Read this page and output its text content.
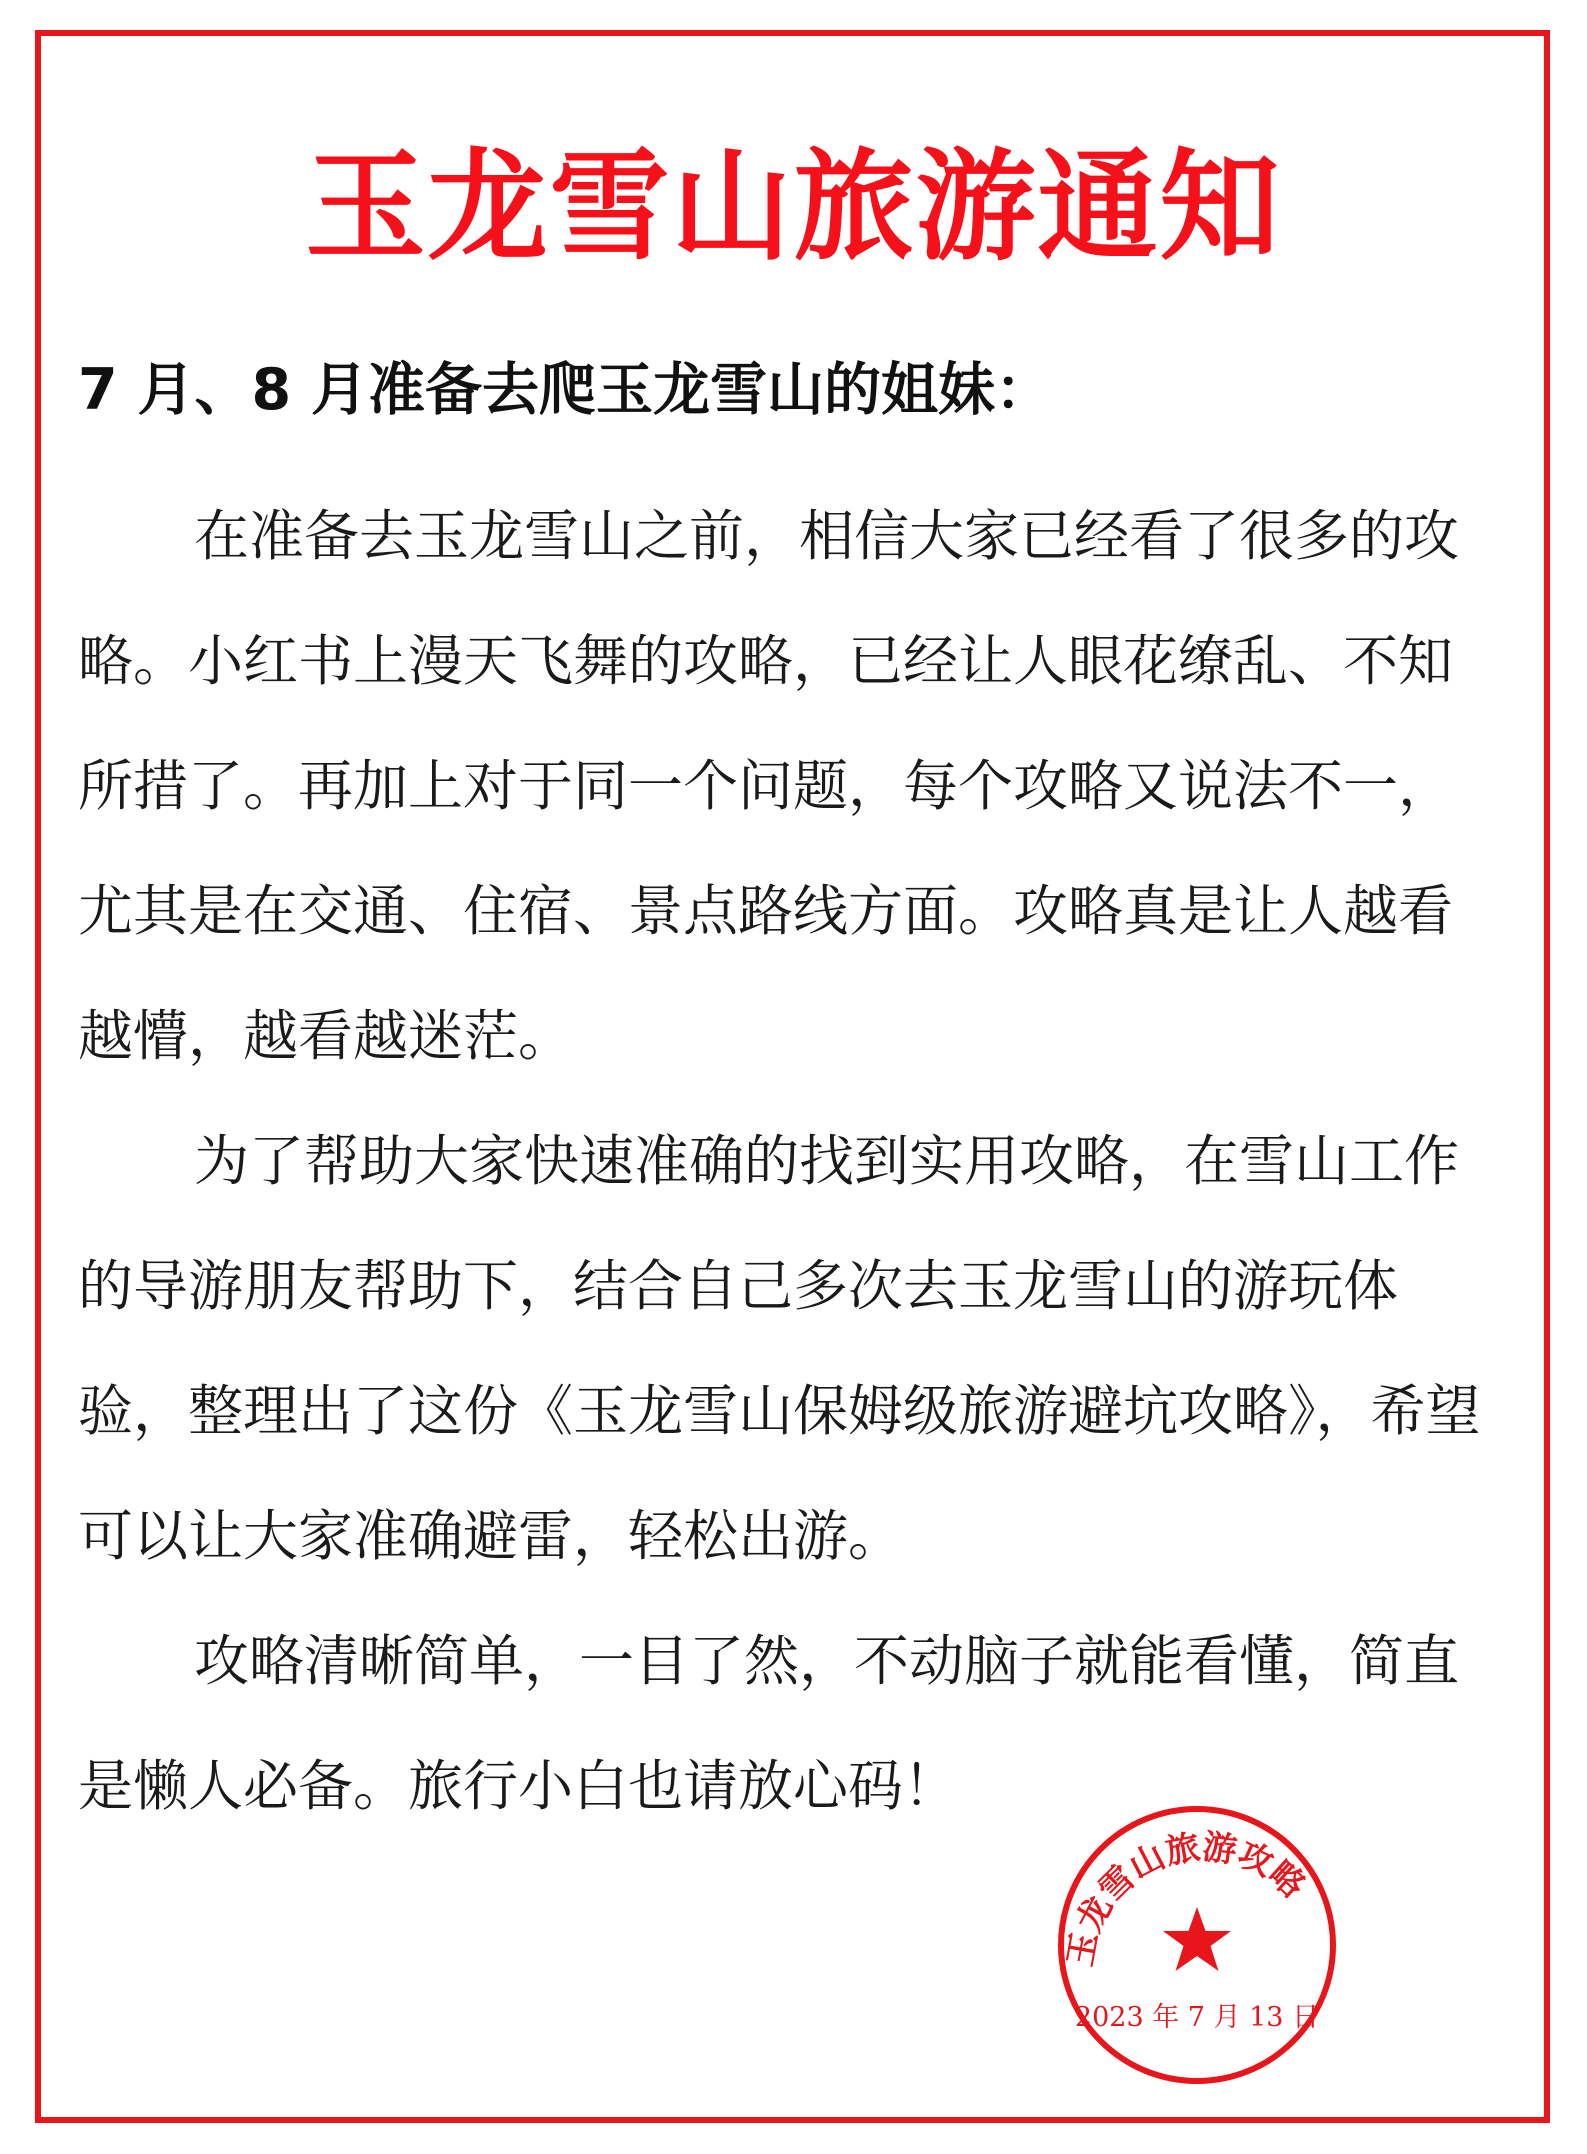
玉龙雪山旅游通知
7 月、8 月准备去爬玉龙雪山的姐妹：

在准备去玉龙雪山之前，相信大家已经看了很多的攻略。小红书上漫天飞舞的攻略，已经让人眼花缭乱、不知所措了。再加上对于同一个问题，每个攻略又说法不一，尤其是在交通、住宿、景点路线方面。攻略真是让人越看越懵，越看越迷茫。

为了帮助大家快速准确的找到实用攻略，在雪山工作的导游朋友帮助下，结合自己多次去玉龙雪山的游玩体验，整理出了这份《玉龙雪山保姆级旅游避坑攻略》，希望可以让大家准确避雷，轻松出游。

攻略清晰简单，一目了然，不动脑子就能看懂，简直是懒人必备。旅行小白也请放心码！

玉龙雪山旅游攻略
2023 年 7 月 13 日
